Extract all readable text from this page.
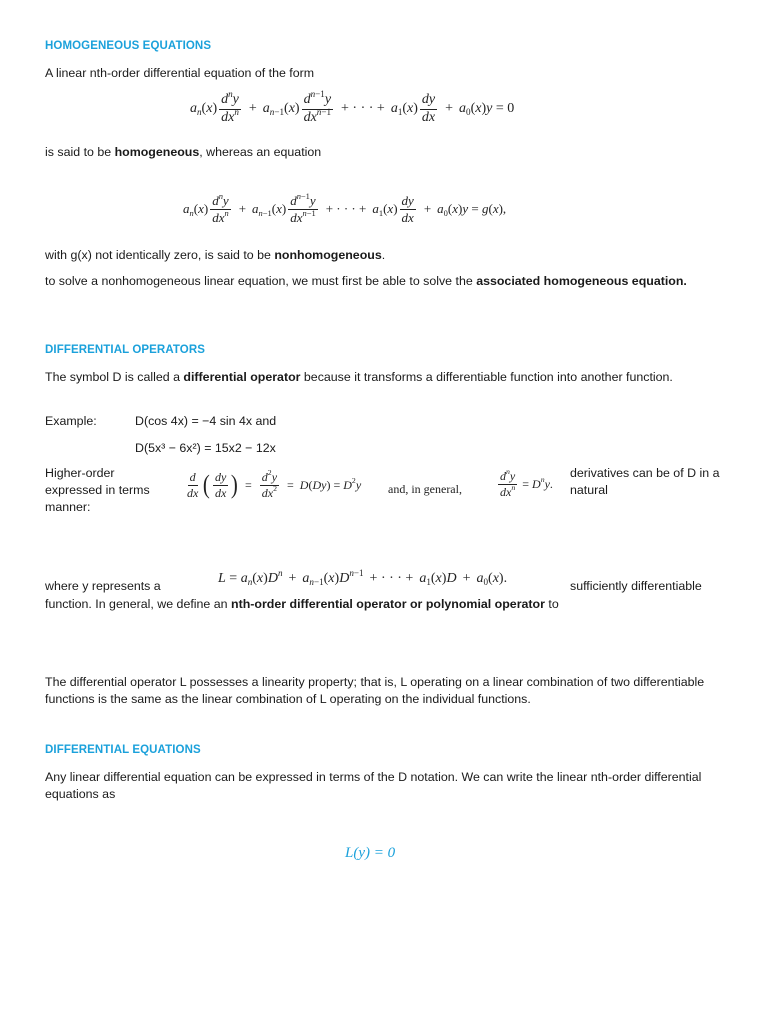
HOMOGENEOUS EQUATIONS
A linear nth-order differential equation of the form
$a_n(x) \frac{d^ny}{dx^n} + a_{n-1}(x) \frac{d^{n-1}y}{dx^{n-1}}$ + · · · + $a_1(x) \frac{dy}{dx} + a_0(x)y = 0$
is said to be homogeneous, whereas an equation
$a_n(x) \frac{d^ny}{dx^n} + a_{n-1}(x) \frac{d^{n-1}y}{dx^{n-1}}$ + · · · + $a_1(x) \frac{dy}{dx} + a_0(x)y = g(x)$,
with g(x) not identically zero, is said to be nonhomogeneous.
to solve a nonhomogeneous linear equation, we must first be able to solve the associated homogeneous equation.
DIFFERENTIAL OPERATORS
The symbol D is called a differential operator because it transforms a differentiable function into another function.
Example:	D(cos 4x) = −4 sin 4x and
D(5x³ − 6x²) = 15x2 − 12x
Higher-order expressed in terms manner:
$\frac{d}{dx}$ ( $\frac{dy}{dx}$ ) = $\frac{d^2y}{dx^2} = D(Dy) = D^2y$ and, in general,	$\frac{d^ny}{dx^n} = D^ny$.
derivatives can be of D in a natural
where y represents a	$L = a_n(x)D^n + a_{n-1}(x)D^{n-1}$ + · · · + $a_1(x)D + a_0(x)$.	sufficiently differentiable
function. In general, we define an nth-order differential operator or polynomial operator to
The differential operator L possesses a linearity property; that is, L operating on a linear combination of two differentiable functions is the same as the linear combination of L operating on the individual functions.
DIFFERENTIAL EQUATIONS
Any linear differential equation can be expressed in terms of the D notation. We can write the linear nth-order differential equations as
L(y) = 0
